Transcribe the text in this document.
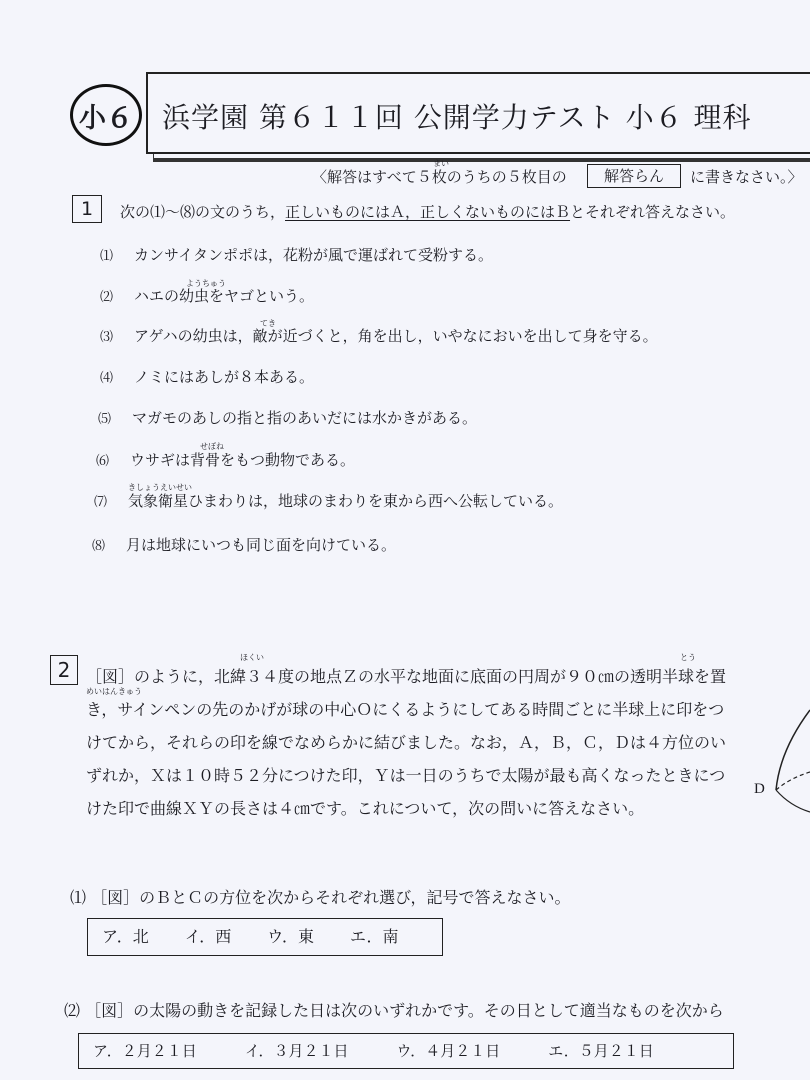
小６	浜学園 第６１１回 公開学力テスト 小６ 理科
まい
〈解答はすべて５枚のうちの５枚目の	解答らん	に書きなさい。〉
1	次の⑴～⑻の文のうち，正しいものにはＡ，正しくないものにはＢとそれぞれ答えなさい。
ようちゅう
てき
せぼね
きしょうえいせい
⑴ カンサイタンポポは，花粉が風で運ばれて受粉する。
⑵ ハエの幼虫をヤゴという。
⑶ アゲハの幼虫は，敵が近づくと，角を出し，いやなにおいを出して身を守る。
⑷ ノミにはあしが８本ある。
⑸ マガモのあしの指と指のあいだには水かきがある。
⑹ ウサギは背骨をもつ動物である。
⑺ 気象衛星ひまわりは，地球のまわりを東から西へ公転している。
⑻ 月は地球にいつも同じ面を向けている。
2
ほくい	とう
めいはんきゅう
［図］のように，北緯３４度の地点Ｚの水平な地面に底面の円周が９０㎝の透明半球を置き，サインペンの先のかげが球の中心Ｏにくるようにしてある時間ごとに半球上に印をつけてから，それらの印を線でなめらかに結びました。なお，Ａ，Ｂ，Ｃ，Ｄは４方位のいずれか，Ｘは１０時５２分につけた印，Ｙは一日のうちで太陽が最も高くなったときにつけた印で曲線ＸＹの長さは４㎝です。これについて，次の問いに答えなさい。
D
⑴ ［図］のＢとＣの方位を次からそれぞれ選び，記号で答えなさい。
ア．北 イ．西 ウ．東 エ．南
⑵ ［図］の太陽の動きを記録した日は次のいずれかです。その日として適当なものを次から
ア．２月２１日	イ．３月２１日	ウ．４月２１日	エ．５月２１日
